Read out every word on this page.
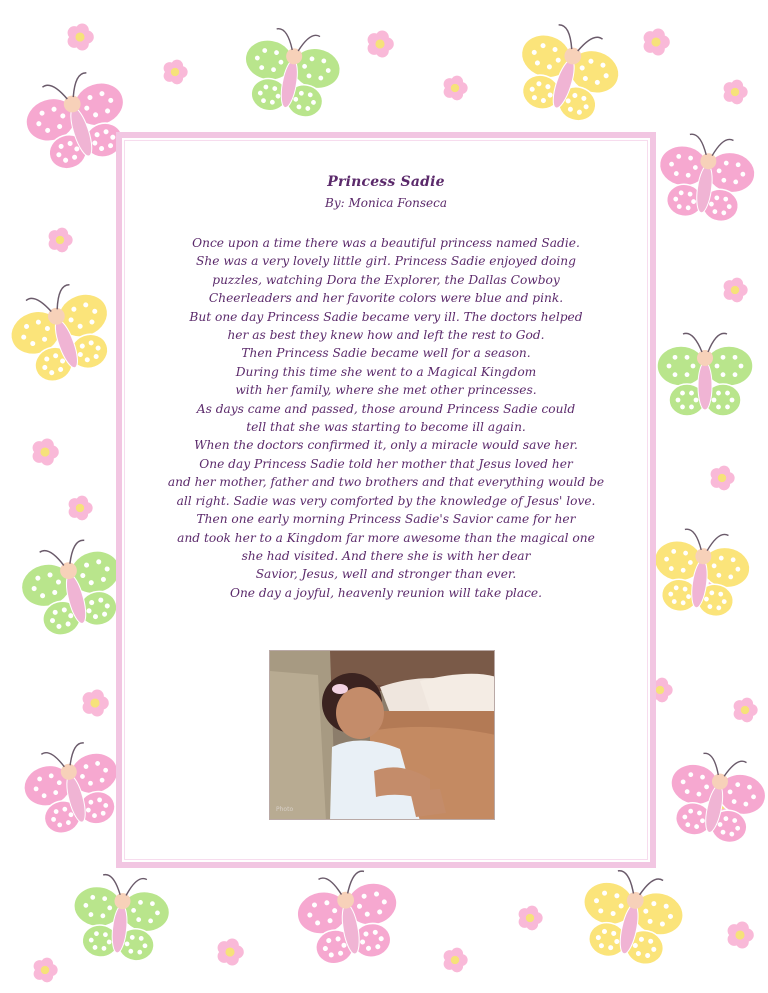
Princess Sadie
By: Monica Fonseca
Once upon a time there was a beautiful princess named Sadie.
She was a very lovely little girl. Princess Sadie enjoyed doing
puzzles, watching Dora the Explorer, the Dallas Cowboy
Cheerleaders and her favorite colors were blue and pink.
But one day Princess Sadie became very ill. The doctors helped
her as best they knew how and left the rest to God.
Then Princess Sadie became well for a season.
During this time she went to a Magical Kingdom
with her family, where she met other princesses.
As days came and passed, those around Princess Sadie could
tell that she was starting to become ill again.
When the doctors confirmed it, only a miracle would save her.
One day Princess Sadie told her mother that Jesus loved her
and her mother, father and two brothers and that everything would be
all right. Sadie was very comforted by the knowledge of Jesus' love.
Then one early morning Princess Sadie's Savior came for her
and took her to a Kingdom far more awesome than the magical one
she had visited. And there she is with her dear
Savior, Jesus, well and stronger than ever.
One day a joyful, heavenly reunion will take place.
Photo
